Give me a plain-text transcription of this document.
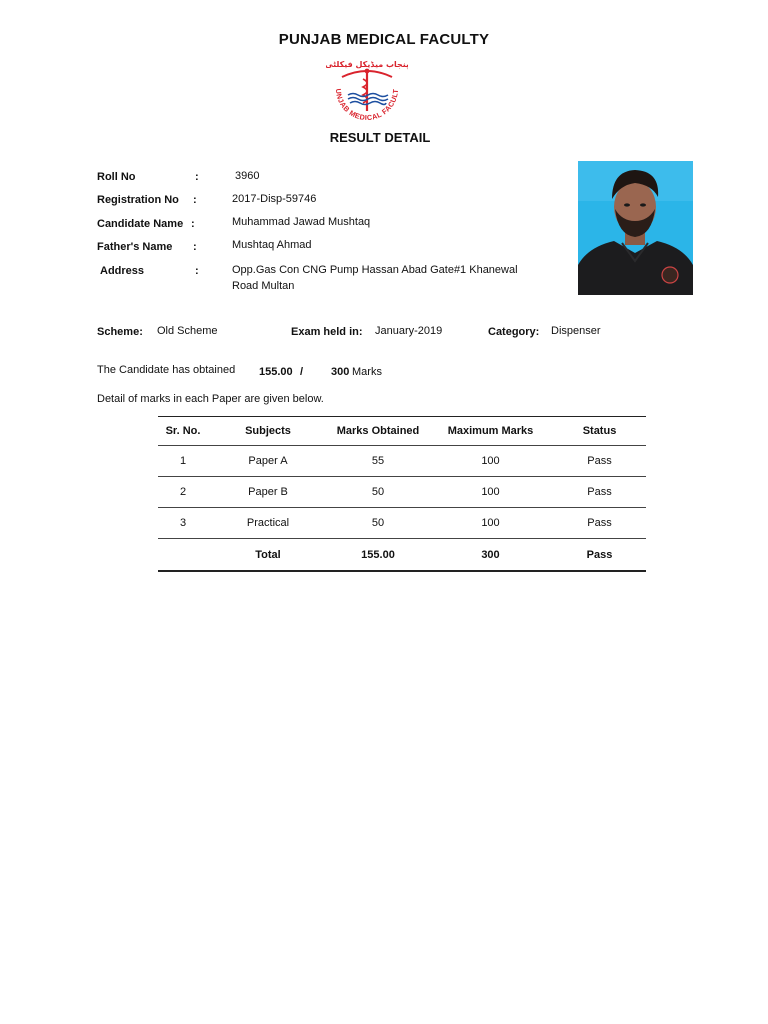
PUNJAB MEDICAL FACULTY
پنجاب میڈیکل فیکلٹی
UNJAB MEDICAL FACULT
RESULT DETAIL
Roll No	:	3960
Registration No :	2017-Disp-59746
Candidate Name :	Muhammad Jawad Mushtaq
Father's Name :	Mushtaq Ahmad
Address	:	Opp.Gas Con CNG Pump Hassan Abad Gate#1 Khanewal
Road Multan
Scheme: Old Scheme	Exam held in: January-2019	Category: Dispenser
The Candidate has obtained 155.00 /	300 Marks
Detail of marks in each Paper are given below.
Sr. No.	Subjects	Marks Obtained	Maximum Marks	Status
1	Paper A	55	100	Pass
2	Paper B	50	100	Pass
3	Practical	50	100	Pass
	Total	155.00	300	Pass
